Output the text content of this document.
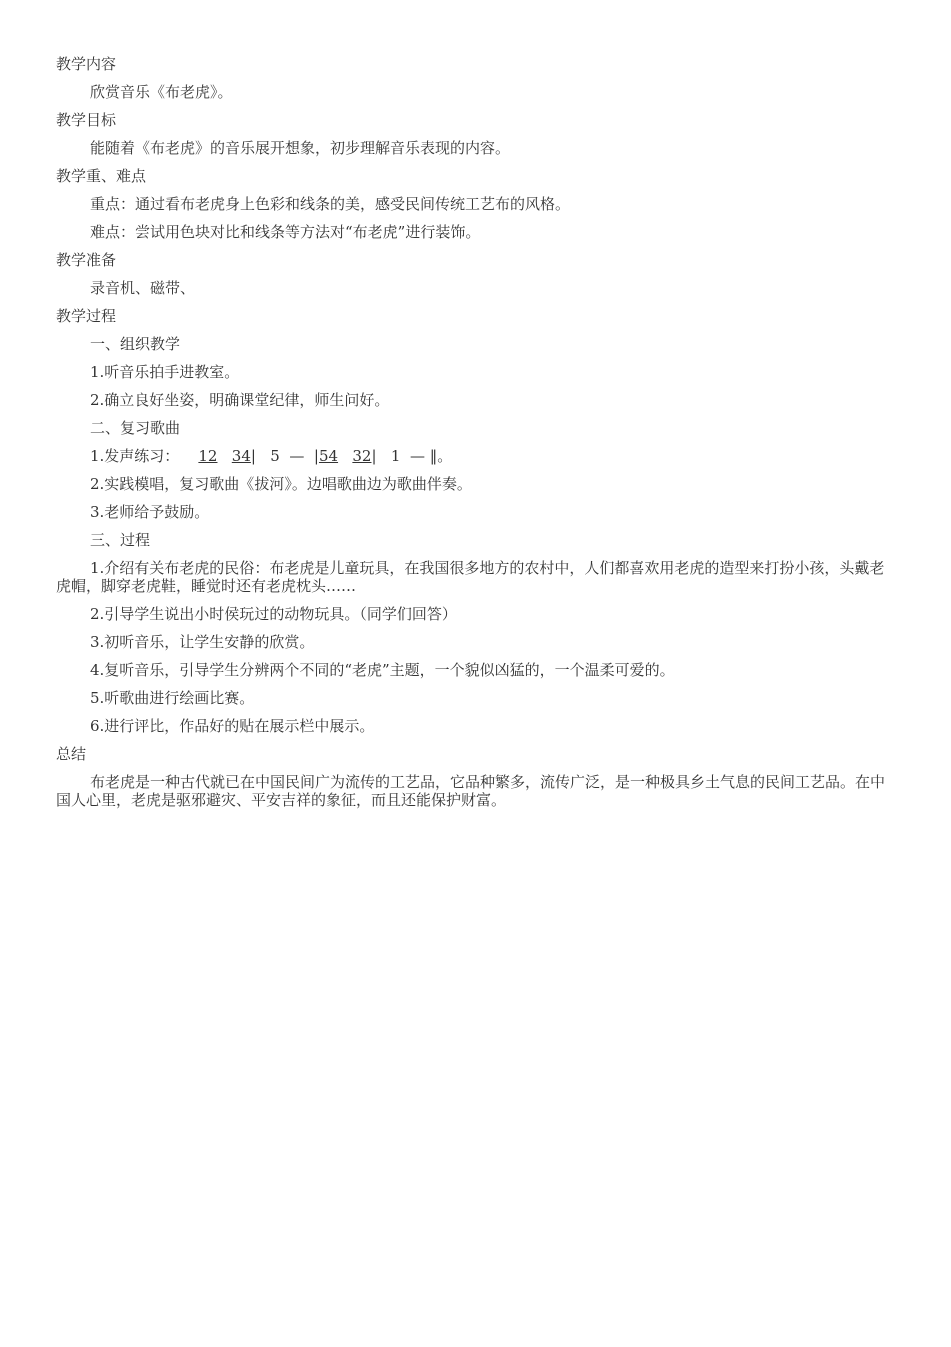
教学内容
欣赏音乐《布老虎》。
教学目标
能随着《布老虎》的音乐展开想象，初步理解音乐表现的内容。
教学重、难点
重点：通过看布老虎身上色彩和线条的美，感受民间传统工艺布的风格。
难点：尝试用色块对比和线条等方法对“布老虎”进行装饰。
教学准备
录音机、磁带、
教学过程
一、组织教学
1.听音乐拍手进教室。
2.确立良好坐姿，明确课堂纪律，师生问好。
二、复习歌曲
1.发声练习： 12 34| 5 — |54 32| 1 — ‖。
2.实践模唱，复习歌曲《拔河》。边唱歌曲边为歌曲伴奏。
3.老师给予鼓励。
三、过程
1.介绍有关布老虎的民俗：布老虎是儿童玩具，在我国很多地方的农村中，人们都喜欢用老虎的造型来打扮小孩，头戴老虎帽，脚穿老虎鞋，睡觉时还有老虎枕头……
2.引导学生说出小时侯玩过的动物玩具。（同学们回答）
3.初听音乐，让学生安静的欣赏。
4.复听音乐，引导学生分辨两个不同的“老虎”主题，一个貌似凶猛的，一个温柔可爱的。
5.听歌曲进行绘画比赛。
6.进行评比，作品好的贴在展示栏中展示。
总结
布老虎是一种古代就已在中国民间广为流传的工艺品，它品种繁多，流传广泛，是一种极具乡土气息的民间工艺品。在中国人心里，老虎是驱邪避灾、平安吉祥的象征，而且还能保护财富。
